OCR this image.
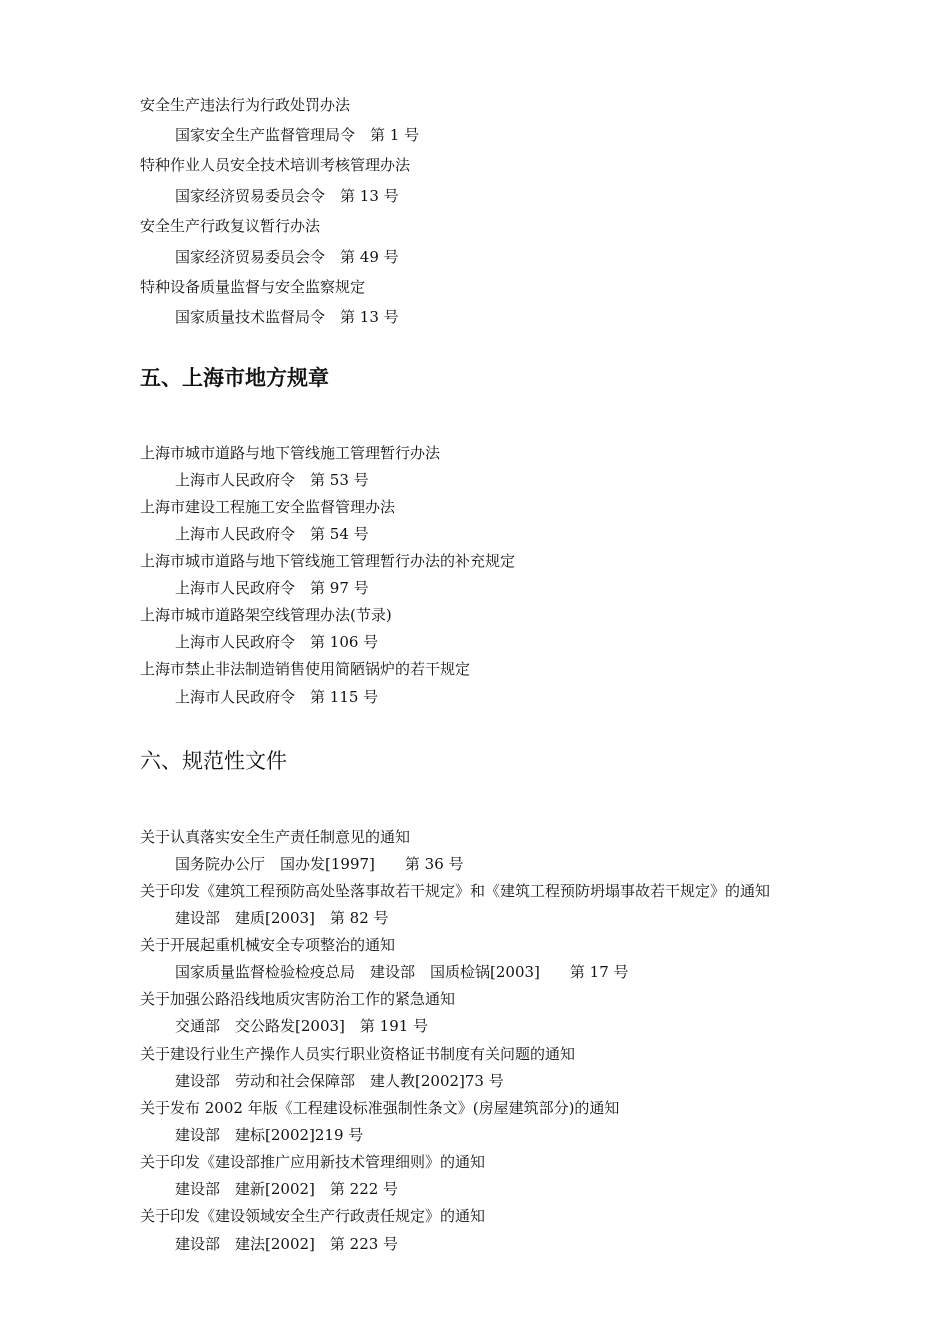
安全生产违法行为行政处罚办法
国家安全生产监督管理局令　第 1 号
特种作业人员安全技术培训考核管理办法
国家经济贸易委员会令　第 13 号
安全生产行政复议暂行办法
国家经济贸易委员会令　第 49 号
特种设备质量监督与安全监察规定
国家质量技术监督局令　第 13 号
五、上海市地方规章
上海市城市道路与地下管线施工管理暂行办法
上海市人民政府令　第 53 号
上海市建设工程施工安全监督管理办法
上海市人民政府令　第 54 号
上海市城市道路与地下管线施工管理暂行办法的补充规定
上海市人民政府令　第 97 号
上海市城市道路架空线管理办法(节录)
上海市人民政府令　第 106 号
上海市禁止非法制造销售使用简陋锅炉的若干规定
上海市人民政府令　第 115 号
六、规范性文件
关于认真落实安全生产责任制意见的通知
国务院办公厅　国办发[1997]　　第 36 号
关于印发《建筑工程预防高处坠落事故若干规定》和《建筑工程预防坍塌事故若干规定》的通知
建设部　建质[2003]　第 82 号
关于开展起重机械安全专项整治的通知
国家质量监督检验检疫总局　建设部　国质检锅[2003]　　第 17 号
关于加强公路沿线地质灾害防治工作的紧急通知
交通部　交公路发[2003]　第 191 号
关于建设行业生产操作人员实行职业资格证书制度有关问题的通知
建设部　劳动和社会保障部　建人教[2002]73 号
关于发布 2002 年版《工程建设标准强制性条文》(房屋建筑部分)的通知
建设部　建标[2002]219 号
关于印发《建设部推广应用新技术管理细则》的通知
建设部　建新[2002]　第 222 号
关于印发《建设领域安全生产行政责任规定》的通知
建设部　建法[2002]　第 223 号
